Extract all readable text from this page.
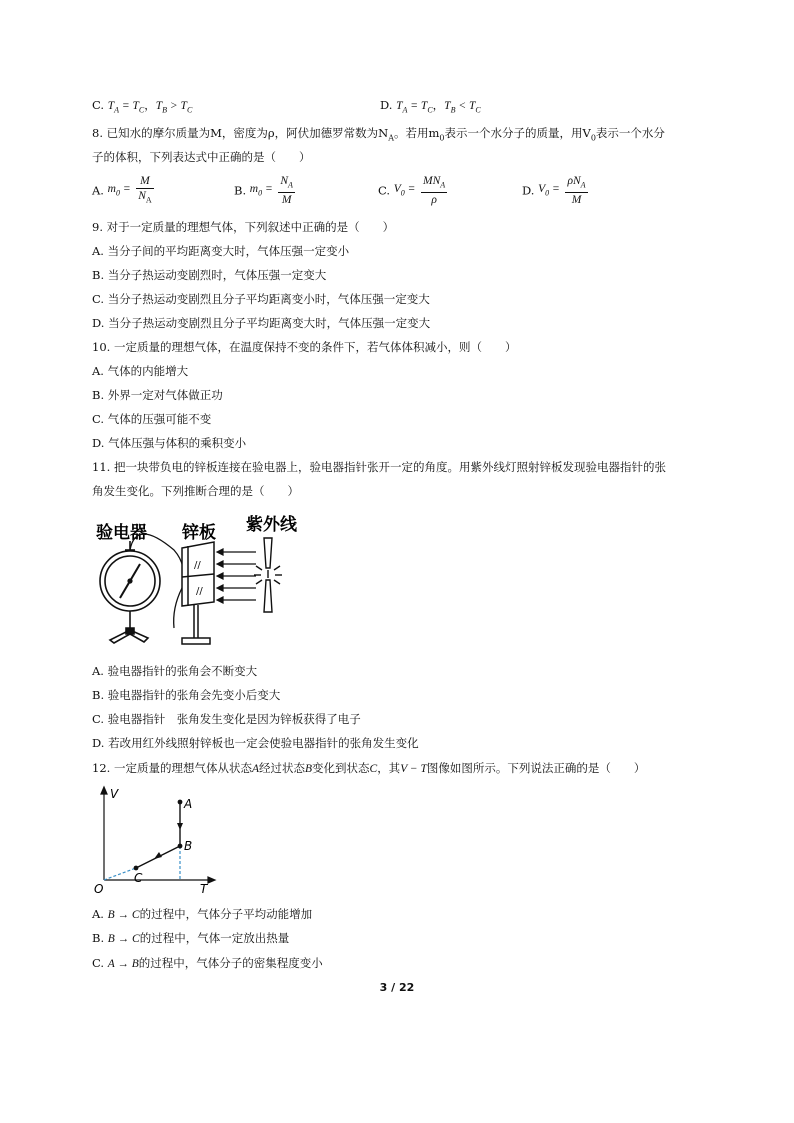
C. $T_A = T_C$，$T_B > T_C$	D. $T_A = T_C$，$T_B < T_C$
8. 已知水的摩尔质量为M，密度为ρ，阿伏加德罗常数为$N_A$。若用$m_0$表示一个水分子的质量，用$V_0$表示一个水分
子的体积，下列表达式中正确的是（　　）
A. $m_0 = \frac{M}{N_A}$	B. $m_0 = \frac{N_A}{M}$	C. $V_0 = \frac{MN_A}{\rho}$	D. $V_0 = \frac{\rho N_A}{M}$
9. 对于一定质量的理想气体，下列叙述中正确的是（　　）
A. 当分子间的平均距离变大时，气体压强一定变小
B. 当分子热运动变剧烈时，气体压强一定变大
C. 当分子热运动变剧烈且分子平均距离变小时，气体压强一定变大
D. 当分子热运动变剧烈且分子平均距离变大时，气体压强一定变大
10. 一定质量的理想气体，在温度保持不变的条件下，若气体体积减小，则（　　）
A. 气体的内能增大
B. 外界一定对气体做正功
C. 气体的压强可能不变
D. 气体压强与体积的乘积变小
11. 把一块带负电的锌板连接在验电器上，验电器指针张开一定的角度。用紫外线灯照射锌板发现验电器指针的张
角发生变化。下列推断合理的是（　　）
验电器 锌板 紫外线
//
//
A. 验电器指针的张角会不断变大
B. 验电器指针的张角会先变小后变大
C. 验电器指针　张角发生变化是因为锌板获得了电子
D. 若改用红外线照射锌板也一定会使验电器指针的张角发生变化
12. 一定质量的理想气体从状态A经过状态B变化到状态C，其V − T图像如图所示。下列说法正确的是（　　）
V
T
O
A
B
C
A. B → C的过程中，气体分子平均动能增加
B. B → C的过程中，气体一定放出热量
C. A → B的过程中，气体分子的密集程度变小
3 / 22
